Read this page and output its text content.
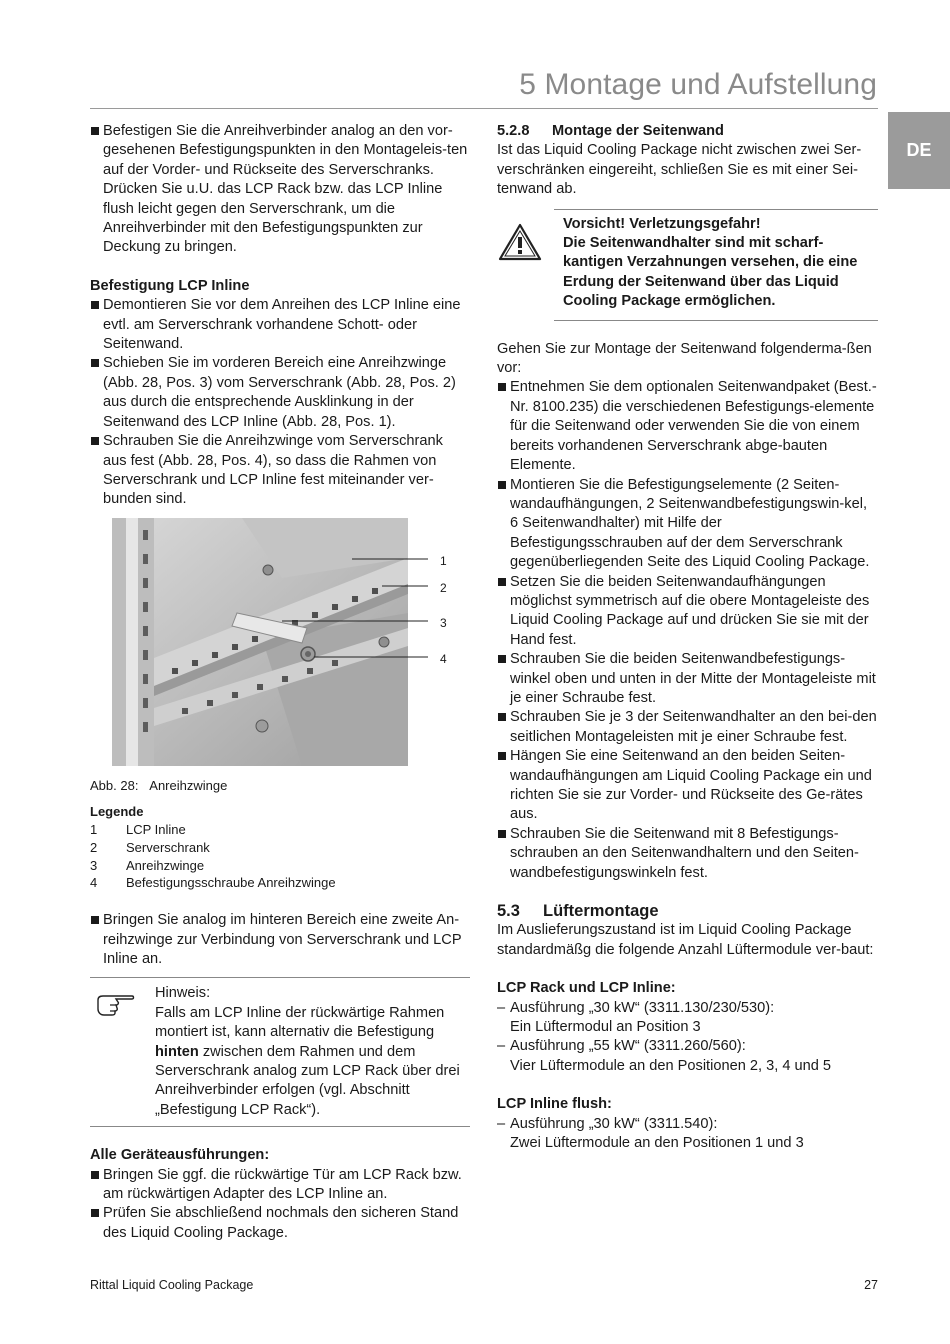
5 Montage und Aufstellung
DE

Befestigen Sie die Anreihverbinder analog an den vor-gesehenen Befestigungspunkten in den Montageleis-ten auf der Vorder- und Rückseite des Serverschranks. Drücken Sie u.U. das LCP Rack bzw. das LCP Inline flush leicht gegen den Serverschrank, um die Anreihverbinder mit den Befestigungspunkten zur Deckung zu bringen.

Befestigung LCP Inline

Demontieren Sie vor dem Anreihen des LCP Inline eine evtl. am Serverschrank vorhandene Schott- oder Seitenwand.

Schieben Sie im vorderen Bereich eine Anreihzwinge (Abb. 28, Pos. 3) vom Serverschrank (Abb. 28, Pos. 2) aus durch die entsprechende Ausklinkung in der Seitenwand des LCP Inline (Abb. 28, Pos. 1).

Schrauben Sie die Anreihzwinge vom Serverschrank aus fest (Abb. 28, Pos. 4), so dass die Rahmen von Serverschrank und LCP Inline fest miteinander ver-bunden sind.

1
2
3
4
Abb. 28: Anreihzwinge
Legende
1	LCP Inline
2	Serverschrank
3	Anreihzwinge
4	Befestigungsschraube Anreihzwinge

Bringen Sie analog im hinteren Bereich eine zweite An-reihzwinge zur Verbindung von Serverschrank und LCP Inline an.

Hinweis:

Falls am LCP Inline der rückwärtige Rahmen montiert ist, kann alternativ die Befestigung hinten zwischen dem Rahmen und dem Serverschrank analog zum LCP Rack über drei Anreihverbinder erfolgen (vgl. Abschnitt „Befestigung LCP Rack“).

Alle Geräteausführungen:

Bringen Sie ggf. die rückwärtige Tür am LCP Rack bzw. am rückwärtigen Adapter des LCP Inline an.

Prüfen Sie abschließend nochmals den sicheren Stand des Liquid Cooling Package.

5.2.8	Montage der Seitenwand

Ist das Liquid Cooling Package nicht zwischen zwei Ser-verschränken eingereiht, schließen Sie es mit einer Sei-tenwand ab.

Vorsicht! Verletzungsgefahr!

Die Seitenwandhalter sind mit scharf-kantigen Verzahnungen versehen, die eine Erdung der Seitenwand über das Liquid Cooling Package ermöglichen.

Gehen Sie zur Montage der Seitenwand folgenderma-ßen vor:

Entnehmen Sie dem optionalen Seitenwandpaket (Best.-Nr. 8100.235) die verschiedenen Befestigungs-elemente für die Seitenwand oder verwenden Sie die von einem bereits vorhandenen Serverschrank abge-bauten Elemente.

Montieren Sie die Befestigungselemente (2 Seiten-wandaufhängungen, 2 Seitenwandbefestigungswin-kel, 6 Seitenwandhalter) mit Hilfe der Befestigungsschrauben auf der dem Serverschrank gegenüberliegenden Seite des Liquid Cooling Package.

Setzen Sie die beiden Seitenwandaufhängungen möglichst symmetrisch auf die obere Montageleiste des Liquid Cooling Package auf und drücken Sie sie mit der Hand fest.

Schrauben Sie die beiden Seitenwandbefestigungs-winkel oben und unten in der Mitte der Montageleiste mit je einer Schraube fest.

Schrauben Sie je 3 der Seitenwandhalter an den bei-den seitlichen Montageleisten mit je einer Schraube fest.

Hängen Sie eine Seitenwand an den beiden Seiten-wandaufhängungen am Liquid Cooling Package ein und richten Sie sie zur Vorder- und Rückseite des Ge-rätes aus.

Schrauben Sie die Seitenwand mit 8 Befestigungs-schrauben an den Seitenwandhaltern und den Seiten-wandbefestigungswinkeln fest.

5.3	Lüftermontage

Im Auslieferungszustand ist im Liquid Cooling Package standardmäßg die folgende Anzahl Lüftermodule ver-baut:

LCP Rack und LCP Inline:

– Ausführung „30 kW“ (3311.130/230/530):

Ein Lüftermodul an Position 3

– Ausführung „55 kW“ (3311.260/560):

Vier Lüftermodule an den Positionen 2, 3, 4 und 5

LCP Inline flush:

– Ausführung „30 kW“ (3311.540):

Zwei Lüftermodule an den Positionen 1 und 3

Rittal Liquid Cooling Package	27
